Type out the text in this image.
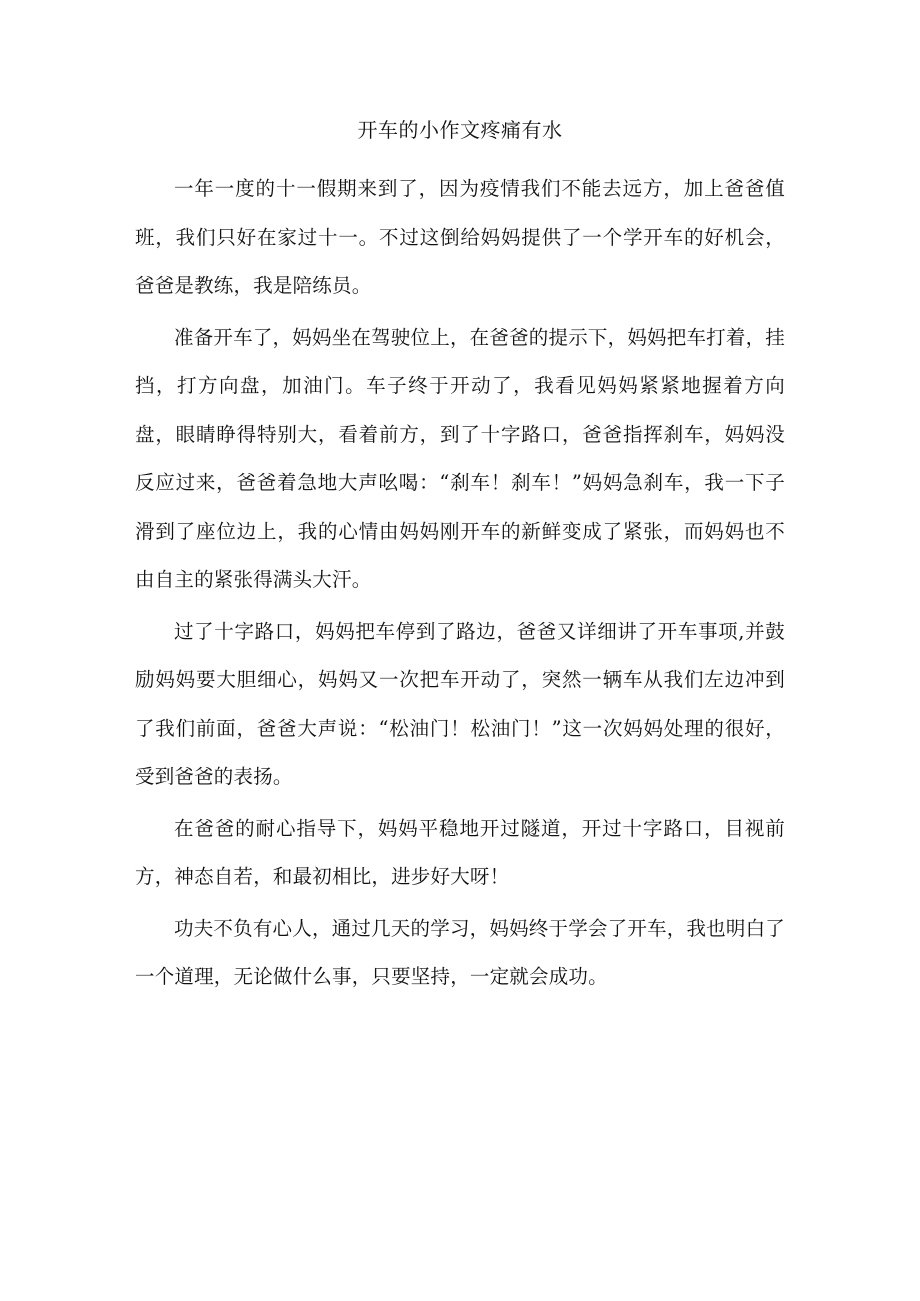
开车的小作文疼痛有水

一年一度的十一假期来到了，因为疫情我们不能去远方，加上爸爸值班，我们只好在家过十一。不过这倒给妈妈提供了一个学开车的好机会，爸爸是教练，我是陪练员。

准备开车了，妈妈坐在驾驶位上，在爸爸的提示下，妈妈把车打着，挂挡，打方向盘，加油门。车子终于开动了，我看见妈妈紧紧地握着方向盘，眼睛睁得特别大，看着前方，到了十字路口，爸爸指挥刹车，妈妈没反应过来，爸爸着急地大声吆喝：“刹车！刹车！”妈妈急刹车，我一下子滑到了座位边上，我的心情由妈妈刚开车的新鲜变成了紧张，而妈妈也不由自主的紧张得满头大汗。

过了十字路口，妈妈把车停到了路边，爸爸又详细讲了开车事项,并鼓励妈妈要大胆细心，妈妈又一次把车开动了，突然一辆车从我们左边冲到了我们前面，爸爸大声说：“松油门！松油门！”这一次妈妈处理的很好，受到爸爸的表扬。

在爸爸的耐心指导下，妈妈平稳地开过隧道，开过十字路口，目视前方，神态自若，和最初相比，进步好大呀！

功夫不负有心人，通过几天的学习，妈妈终于学会了开车，我也明白了一个道理，无论做什么事，只要坚持，一定就会成功。
